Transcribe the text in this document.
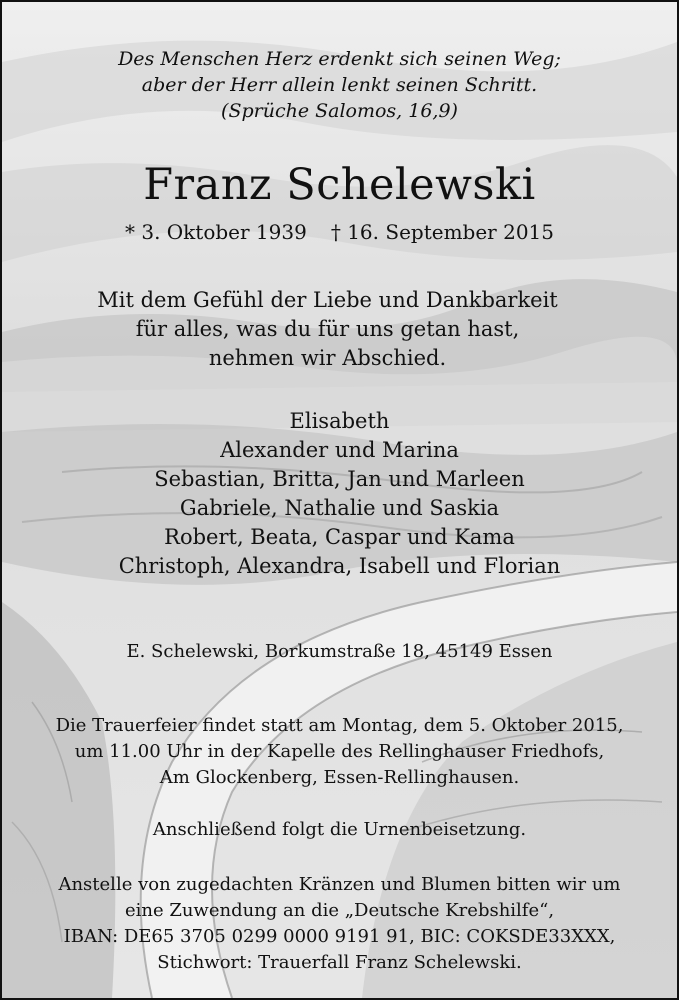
Des Menschen Herz erdenkt sich seinen Weg;
aber der Herr allein lenkt seinen Schritt.
(Sprüche Salomos, 16,9)
Franz Schelewski
* 3. Oktober 1939 † 16. September 2015
Mit dem Gefühl der Liebe und Dankbarkeit
für alles, was du für uns getan hast,
nehmen wir Abschied.
Elisabeth
Alexander und Marina
Sebastian, Britta, Jan und Marleen
Gabriele, Nathalie und Saskia
Robert, Beata, Caspar und Kama
Christoph, Alexandra, Isabell und Florian
E. Schelewski, Borkumstraße 18, 45149 Essen
Die Trauerfeier findet statt am Montag, dem 5. Oktober 2015,
um 11.00 Uhr in der Kapelle des Rellinghauser Friedhofs,
Am Glockenberg, Essen-Rellinghausen.
Anschließend folgt die Urnenbeisetzung.
Anstelle von zugedachten Kränzen und Blumen bitten wir um
eine Zuwendung an die „Deutsche Krebshilfe“,
IBAN: DE65 3705 0299 0000 9191 91, BIC: COKSDE33XXX,
Stichwort: Trauerfall Franz Schelewski.
